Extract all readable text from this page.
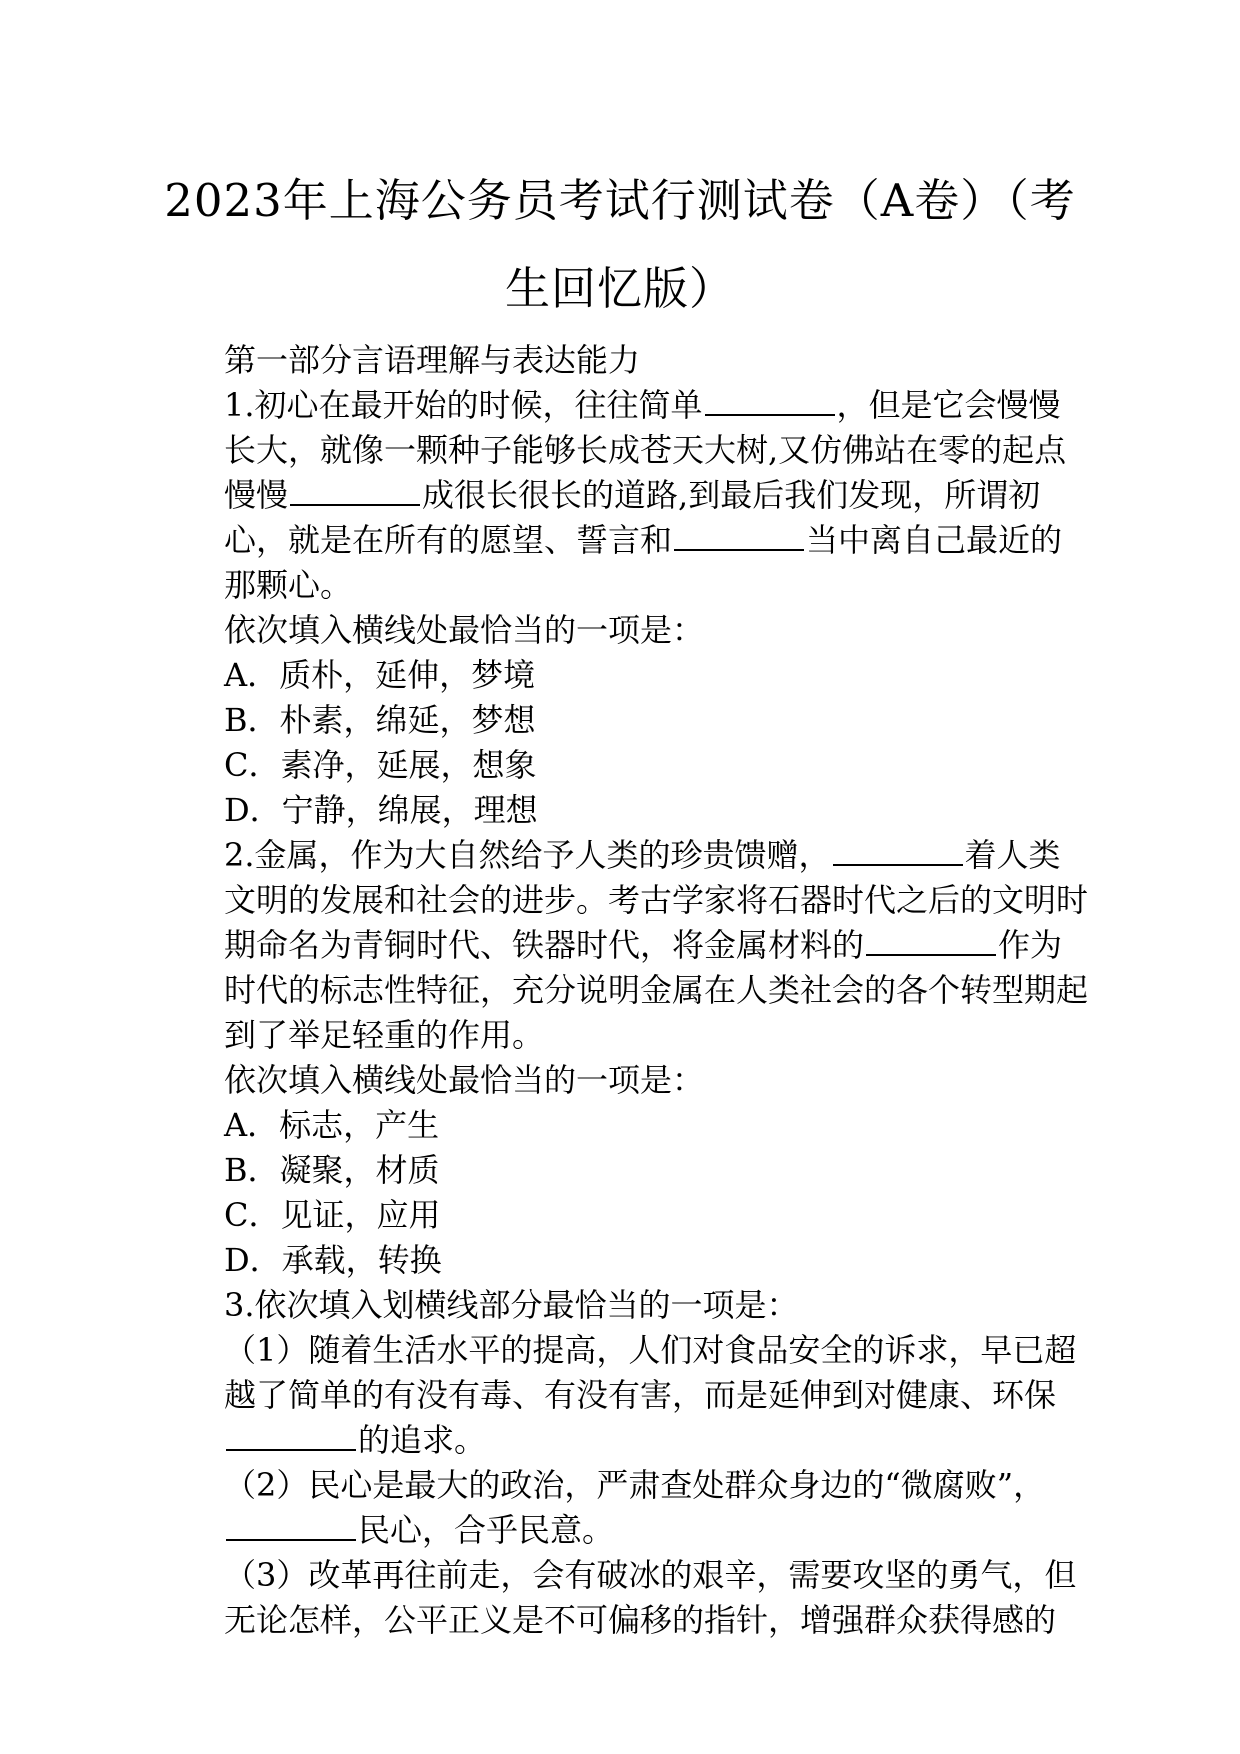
2023年上海公务员考试行测试卷（A卷）（考
生回忆版）

第一部分言语理解与表达能力

1.初心在最开始的时候，往往简单	，但是它会慢慢长大，就像一颗种子能够长成苍天大树,又仿佛站在零的起点慢慢	成很长很长的道路,到最后我们发现，所谓初心，就是在所有的愿望、誓言和	当中离自己最近的那颗心。

依次填入横线处最恰当的一项是：

A．质朴，延伸，梦境

B．朴素，绵延，梦想

C．素净，延展，想象

D．宁静，绵展，理想

2.金属，作为大自然给予人类的珍贵馈赠，	着人类文明的发展和社会的进步。考古学家将石器时代之后的文明时期命名为青铜时代、铁器时代，将金属材料的	作为时代的标志性特征，充分说明金属在人类社会的各个转型期起到了举足轻重的作用。

依次填入横线处最恰当的一项是：

A．标志，产生

B．凝聚，材质

C．见证，应用

D．承载，转换

3.依次填入划横线部分最恰当的一项是：

（1）随着生活水平的提高，人们对食品安全的诉求，早已超越了简单的有没有毒、有没有害，而是延伸到对健康、环保的追求。

（2）民心是最大的政治，严肃查处群众身边的“微腐败”，民心，合乎民意。

（3）改革再往前走，会有破冰的艰辛，需要攻坚的勇气，但无论怎样，公平正义是不可偏移的指针，增强群众获得感的
